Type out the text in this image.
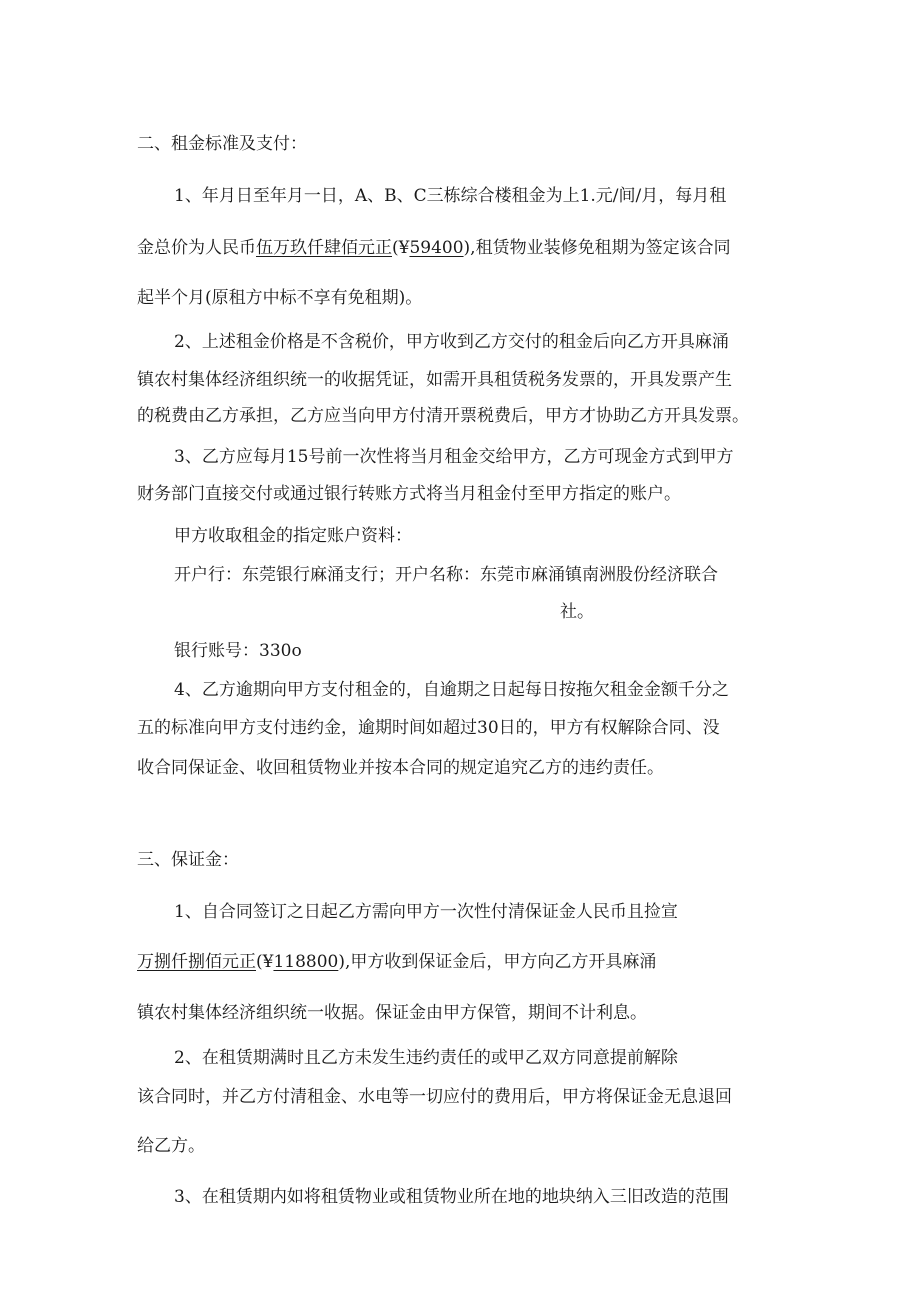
二、租金标准及支付：

1、年月日至年月一日，A、B、C三栋综合楼租金为上1.元/间/月，每月租

金总价为人民币伍万玖仟肆佰元正(¥59400),租赁物业装修免租期为签定该合同

起半个月(原租方中标不享有免租期)。

2、上述租金价格是不含税价，甲方收到乙方交付的租金后向乙方开具麻涌

镇农村集体经济组织统一的收据凭证，如需开具租赁税务发票的，开具发票产生

的税费由乙方承担，乙方应当向甲方付清开票税费后，甲方才协助乙方开具发票。

3、乙方应每月15号前一次性将当月租金交给甲方，乙方可现金方式到甲方

财务部门直接交付或通过银行转账方式将当月租金付至甲方指定的账户。

甲方收取租金的指定账户资料：

开户行：东莞银行麻涌支行；开户名称：东莞市麻涌镇南洲股份经济联合

社。

银行账号：330o

4、乙方逾期向甲方支付租金的，自逾期之日起每日按拖欠租金金额千分之

五的标准向甲方支付违约金，逾期时间如超过30日的，甲方有权解除合同、没

收合同保证金、收回租赁物业并按本合同的规定追究乙方的违约责任。

三、保证金：

1、自合同签订之日起乙方需向甲方一次性付清保证金人民币且捡宣

万捌仟捌佰元正(¥118800),甲方收到保证金后，甲方向乙方开具麻涌

镇农村集体经济组织统一收据。保证金由甲方保管，期间不计利息。

2、在租赁期满时且乙方未发生违约责任的或甲乙双方同意提前解除

该合同时，并乙方付清租金、水电等一切应付的费用后，甲方将保证金无息退回

给乙方。

3、在租赁期内如将租赁物业或租赁物业所在地的地块纳入三旧改造的范围
